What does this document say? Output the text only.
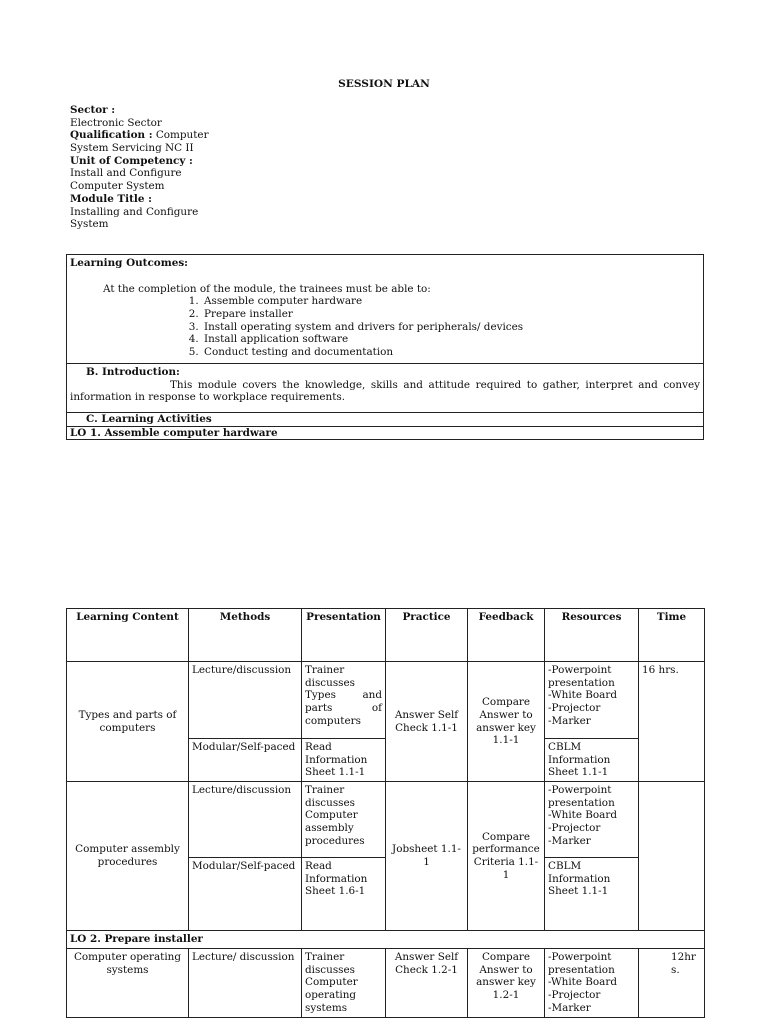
SESSION PLAN
Sector :
Electronic Sector
Qualification : Computer
System Servicing NC II
Unit of Competency :
Install and Configure
Computer System
Module Title :
Installing and Configure
System
Learning Outcomes:
At the completion of the module, the trainees must be able to:
1. Assemble computer hardware
2. Prepare installer
3. Install operating system and drivers for peripherals/ devices
4. Install application software
5. Conduct testing and documentation

B. Introduction:
This module covers the knowledge, skills and attitude required to gather, interpret and convey information in response to workplace requirements.

C. Learning Activities
LO 1. Assemble computer hardware
Learning Content	Methods	Presentation	Practice	Feedback	Resources	Time
Types and parts of computers	Lecture/discussion	Trainer discusses Types and parts of computers	Answer Self Check 1.1-1	Compare Answer to answer key 1.1-1	-Powerpoint presentation
-White Board
-Projector
-Marker	16 hrs.
	Modular/Self-paced	Read Information Sheet 1.1-1			CBLM Information Sheet 1.1-1	
Computer assembly procedures	Lecture/discussion	Trainer discusses Computer assembly procedures	Jobsheet 1.1-1	Compare performance Criteria 1.1-1	-Powerpoint presentation
-White Board
-Projector
-Marker	
	Modular/Self-paced	Read Information Sheet 1.6-1			CBLM Information Sheet 1.1-1	
LO 2. Prepare installer						
Computer operating systems	Lecture/ discussion	Trainer discusses Computer operating systems	Answer Self Check 1.2-1	Compare Answer to answer key 1.2-1	-Powerpoint presentation
-White Board
-Projector
-Marker	12hrs.
